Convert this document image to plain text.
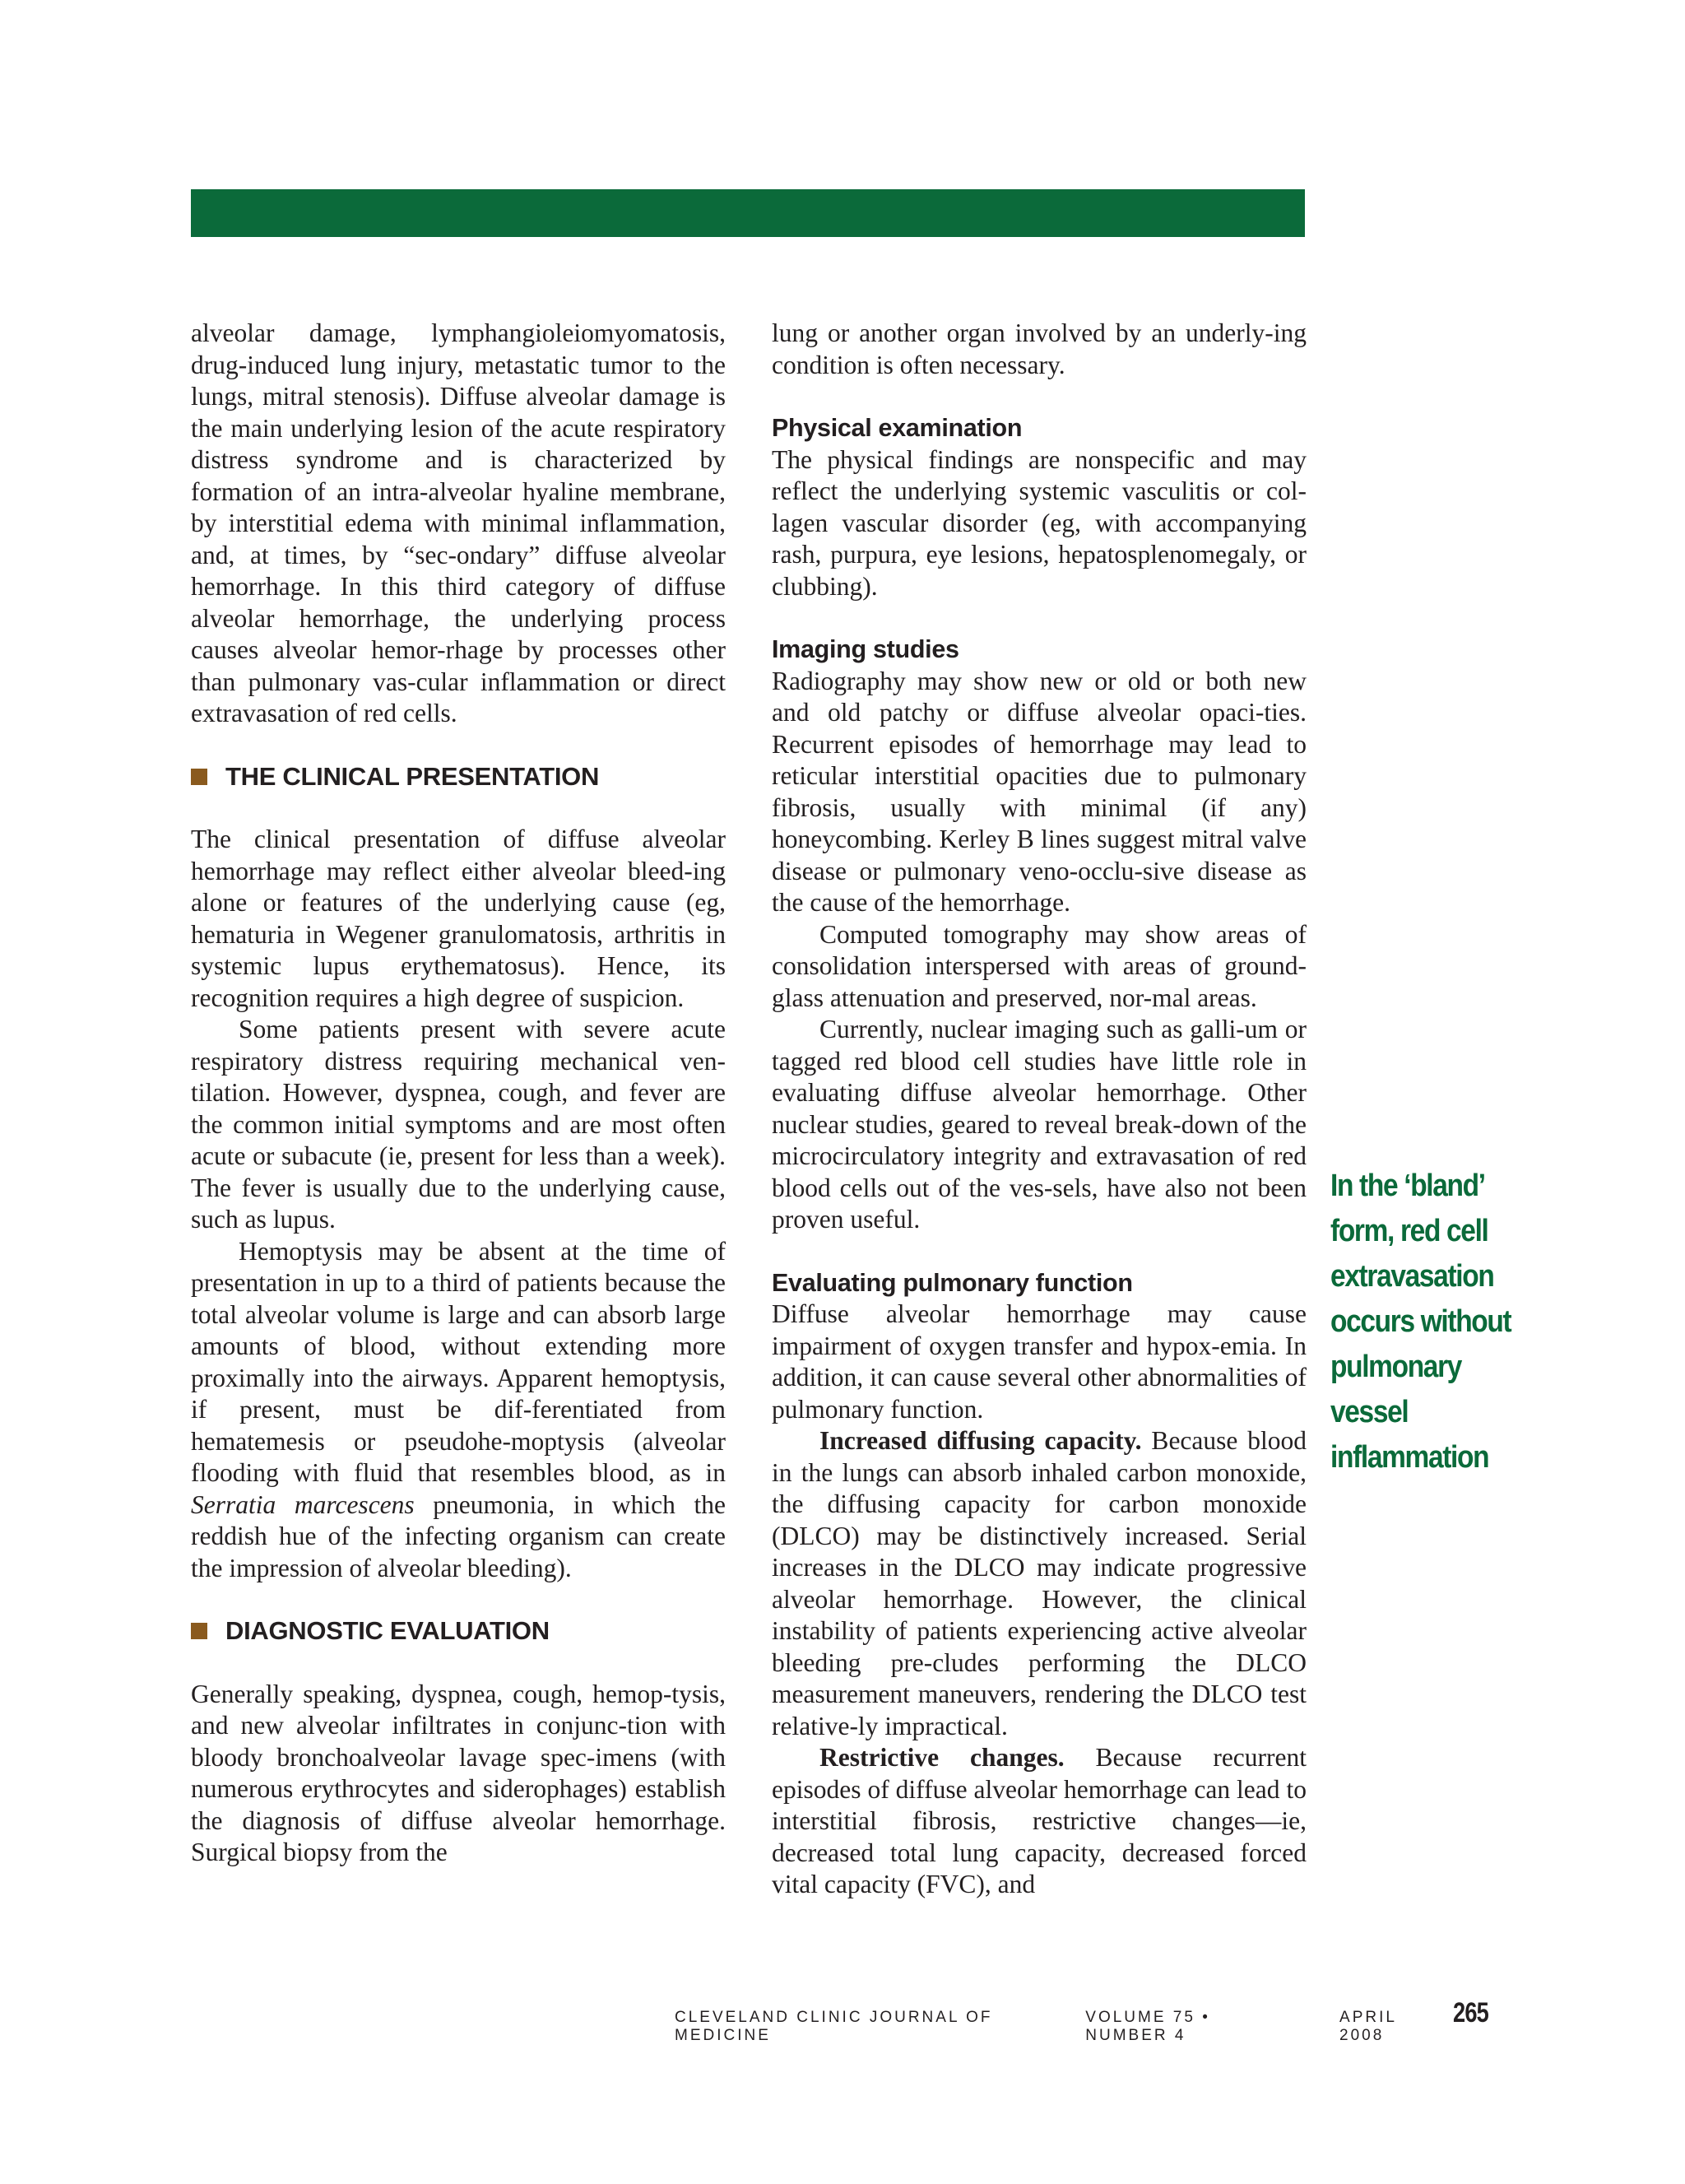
alveolar damage, lymphangioleiomyomatosis, drug-induced lung injury, metastatic tumor to the lungs, mitral stenosis). Diffuse alveolar damage is the main underlying lesion of the acute respiratory distress syndrome and is characterized by formation of an intra-alveolar hyaline membrane, by interstitial edema with minimal inflammation, and, at times, by “sec-ondary” diffuse alveolar hemorrhage. In this third category of diffuse alveolar hemorrhage, the underlying process causes alveolar hemor-rhage by processes other than pulmonary vas-cular inflammation or direct extravasation of red cells.

THE CLINICAL PRESENTATION

The clinical presentation of diffuse alveolar hemorrhage may reflect either alveolar bleed-ing alone or features of the underlying cause (eg, hematuria in Wegener granulomatosis, arthritis in systemic lupus erythematosus). Hence, its recognition requires a high degree of suspicion.

Some patients present with severe acute respiratory distress requiring mechanical ven-tilation. However, dyspnea, cough, and fever are the common initial symptoms and are most often acute or subacute (ie, present for less than a week). The fever is usually due to the underlying cause, such as lupus.

Hemoptysis may be absent at the time of presentation in up to a third of patients because the total alveolar volume is large and can absorb large amounts of blood, without extending more proximally into the airways. Apparent hemoptysis, if present, must be dif-ferentiated from hematemesis or pseudohe-moptysis (alveolar flooding with fluid that resembles blood, as in Serratia marcescens pneumonia, in which the reddish hue of the infecting organism can create the impression of alveolar bleeding).

DIAGNOSTIC EVALUATION

Generally speaking, dyspnea, cough, hemop-tysis, and new alveolar infiltrates in conjunc-tion with bloody bronchoalveolar lavage spec-imens (with numerous erythrocytes and siderophages) establish the diagnosis of diffuse alveolar hemorrhage. Surgical biopsy from the

lung or another organ involved by an underly-ing condition is often necessary.

Physical examination

The physical findings are nonspecific and may reflect the underlying systemic vasculitis or col-lagen vascular disorder (eg, with accompanying rash, purpura, eye lesions, hepatosplenomegaly, or clubbing).

Imaging studies

Radiography may show new or old or both new and old patchy or diffuse alveolar opaci-ties. Recurrent episodes of hemorrhage may lead to reticular interstitial opacities due to pulmonary fibrosis, usually with minimal (if any) honeycombing. Kerley B lines suggest mitral valve disease or pulmonary veno-occlu-sive disease as the cause of the hemorrhage.

Computed tomography may show areas of consolidation interspersed with areas of ground-glass attenuation and preserved, nor-mal areas.

Currently, nuclear imaging such as galli-um or tagged red blood cell studies have little role in evaluating diffuse alveolar hemorrhage. Other nuclear studies, geared to reveal break-down of the microcirculatory integrity and extravasation of red blood cells out of the ves-sels, have also not been proven useful.

Evaluating pulmonary function

Diffuse alveolar hemorrhage may cause impairment of oxygen transfer and hypox-emia. In addition, it can cause several other abnormalities of pulmonary function.

Increased diffusing capacity. Because blood in the lungs can absorb inhaled carbon monoxide, the diffusing capacity for carbon monoxide (DLCO) may be distinctively increased. Serial increases in the DLCO may indicate progressive alveolar hemorrhage. However, the clinical instability of patients experiencing active alveolar bleeding pre-cludes performing the DLCO measurement maneuvers, rendering the DLCO test relative-ly impractical.

Restrictive changes. Because recurrent episodes of diffuse alveolar hemorrhage can lead to interstitial fibrosis, restrictive changes—ie, decreased total lung capacity, decreased forced vital capacity (FVC), and

In the ‘bland’
form, red cell
extravasation
occurs without
pulmonary
vessel
inflammation
CLEVELAND CLINIC JOURNAL OF MEDICINE
VOLUME 75 • NUMBER 4
APRIL 2008
265
